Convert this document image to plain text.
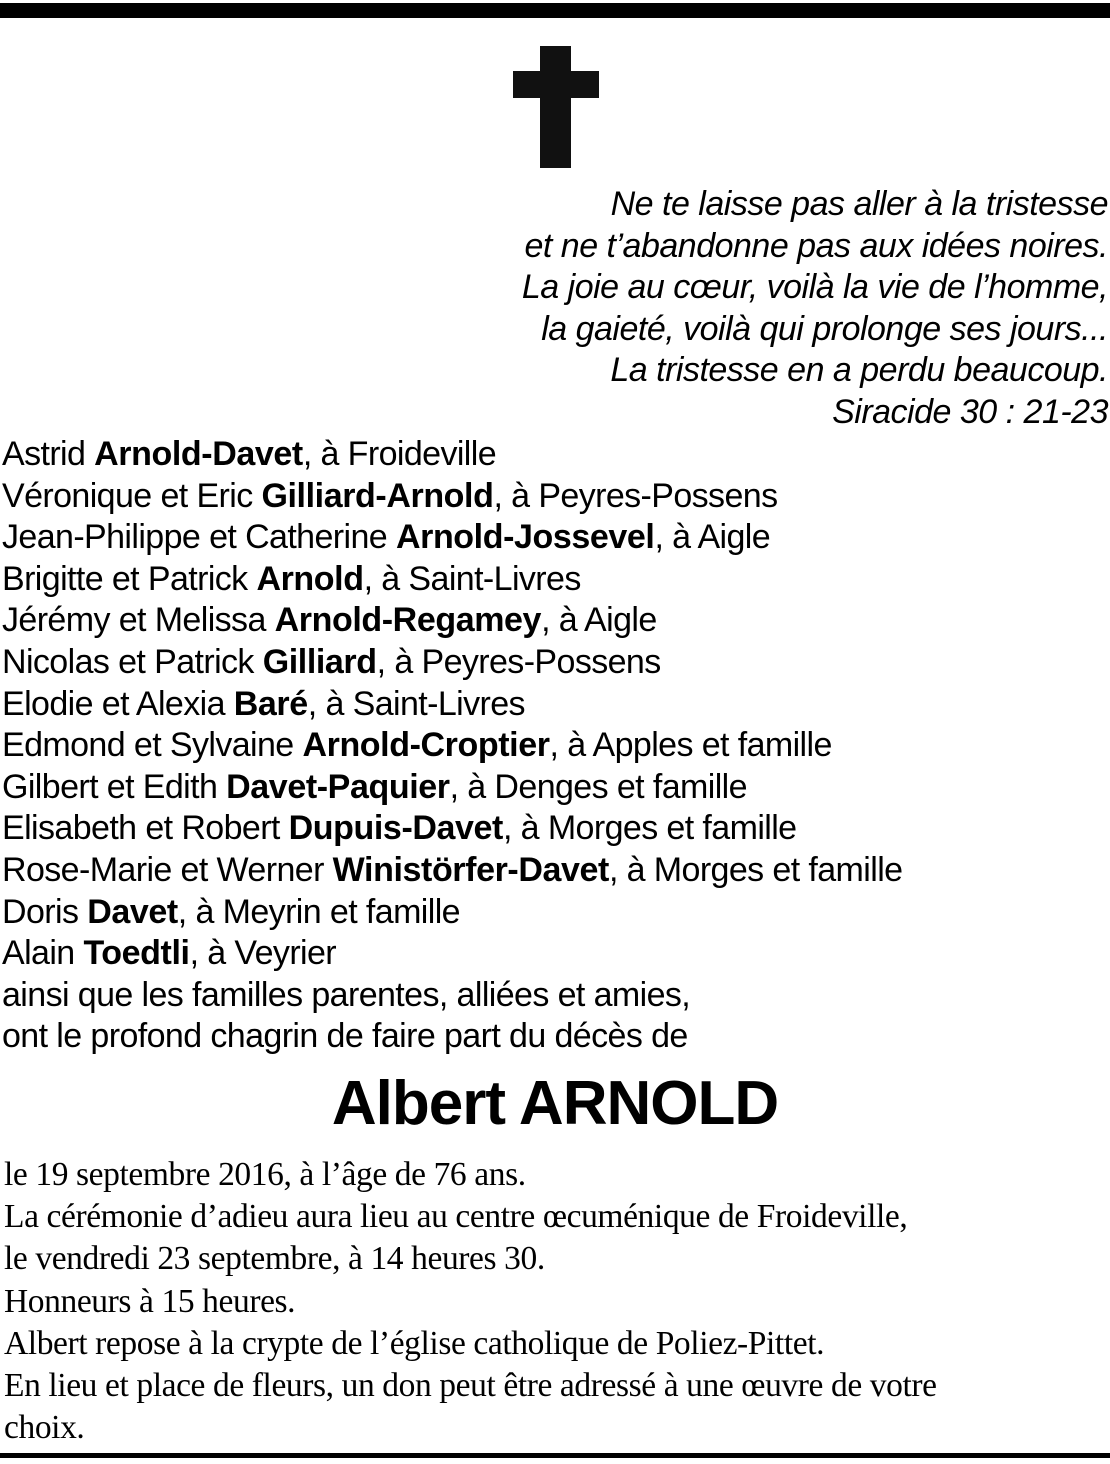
Ne te laisse pas aller à la tristesse
et ne t’abandonne pas aux idées noires.
La joie au cœur, voilà la vie de l’homme,
la gaieté, voilà qui prolonge ses jours...
La tristesse en a perdu beaucoup.
Siracide 30 : 21-23
Astrid Arnold-Davet, à Froideville
Véronique et Eric Gilliard-Arnold, à Peyres-Possens
Jean-Philippe et Catherine Arnold-Jossevel, à Aigle
Brigitte et Patrick Arnold, à Saint-Livres
Jérémy et Melissa Arnold-Regamey, à Aigle
Nicolas et Patrick Gilliard, à Peyres-Possens
Elodie et Alexia Baré, à Saint-Livres
Edmond et Sylvaine Arnold-Croptier, à Apples et famille
Gilbert et Edith Davet-Paquier, à Denges et famille
Elisabeth et Robert Dupuis-Davet, à Morges et famille
Rose-Marie et Werner Winistörfer-Davet, à Morges et famille
Doris Davet, à Meyrin et famille
Alain Toedtli, à Veyrier
ainsi que les familles parentes, alliées et amies,
ont le profond chagrin de faire part du décès de
Albert ARNOLD
le 19 septembre 2016, à l’âge de 76 ans.
La cérémonie d’adieu aura lieu au centre œcuménique de Froideville,
le vendredi 23 septembre, à 14 heures 30.
Honneurs à 15 heures.
Albert repose à la crypte de l’église catholique de Poliez-Pittet.
En lieu et place de fleurs, un don peut être adressé à une œuvre de votre
choix.
